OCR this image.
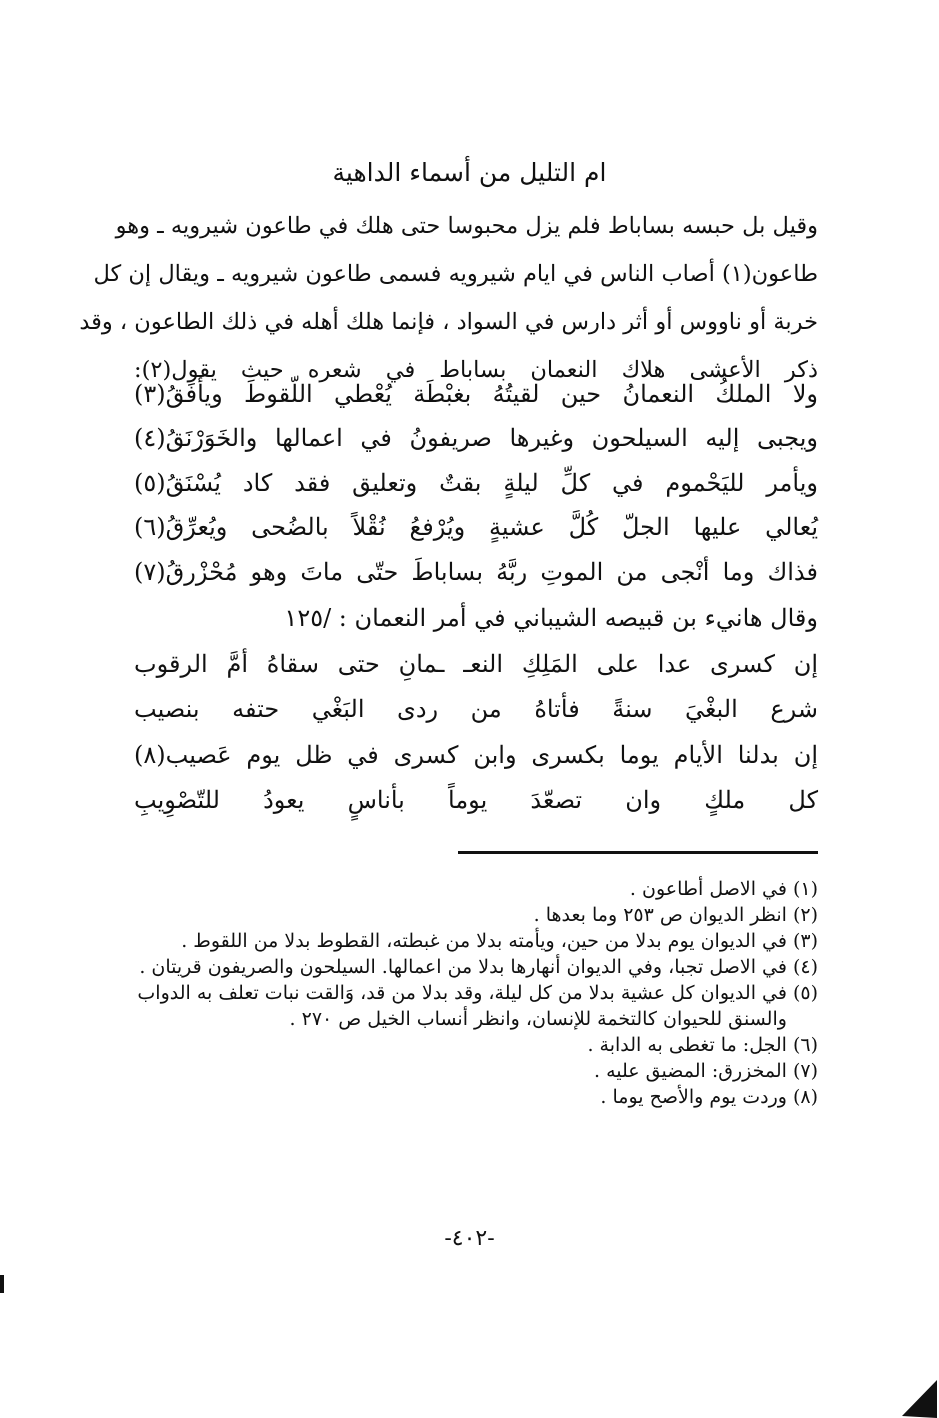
ام التليل من أسماء الداهية
وقيل بل حبسه بساباط فلم يزل محبوسا حتى هلك في طاعون شيرويه ـ وهو
طاعون(١) أصاب الناس في ايام شيرويه فسمى طاعون شيرويه ـ ويقال إن كل
خربة أو ناووس أو أثر دارس في السواد ، فإنما هلك أهله في ذلك الطاعون ، وقد
ذكر الأعشى هلاك النعمان بساباط في شعره حيث يقول(٢):
ولا الملكُ النعمانُ حين لقيتُهُ بغبْطَة يُعْطي اللّقوطَ ويأفَقُ(٣)
ويجبى إليه السيلحون وغيرها صريفونُ في اعمالها والخَوَرْنَقُ(٤)
ويأمر لليَحْموم في كلِّ ليلةٍ بقتٌ وتعليق فقد كاد يُسْنَقُ(٥)
يُعالي عليها الجلّ كُلَّ عشيةٍ ويُرْفعُ نُقْلاً بالضُحى ويُعرِّقُ(٦)
فذاك وما أنْجى من الموتِ ربَّهُ بساباطَ حتّى ماتَ وهو مُحْزْرقُ(٧)
وقال هانيء بن قبيصه الشيباني في أمر النعمان : /١٢٥
إن كسرى عدا على المَلِكِ النعـ ـمانِ حتى سقاهُ أمَّ الرقوب
شرع البغْيَ سنةً فأتاهُ من ردى البَغْي حتفه بنصيب
إن بدلنا الأيام يوما بكسرى وابن كسرى في ظل يوم عَصيب(٨)
كل ملكٍ وان تصعّدَ يوماً بأناسٍ يعودُ للتّصْوِيبِ
(١)
في الاصل أطاعون .
(٢)
انظر الديوان ص ٢٥٣ وما بعدها .
(٣)
في الديوان يوم بدلا من حين، ويأمته بدلا من غبطته، القطوط بدلا من اللقوط .
(٤)
في الاصل تجبا، وفي الديوان أنهارها بدلا من اعمالها. السيلحون والصريفون قريتان .
(٥)
في الديوان كل عشية بدلا من كل ليلة، وقد بدلا من قد، وَالقت نبات تعلف به الدواب والسنق للحيوان كالتخمة للإنسان، وانظر أنساب الخيل ص ٢٧٠ .
(٦)
الجل: ما تغطى به الدابة .
(٧)
المخزرق: المضيق عليه .
(٨)
وردت يوم والأصح يوما .
-٤٠٢-
